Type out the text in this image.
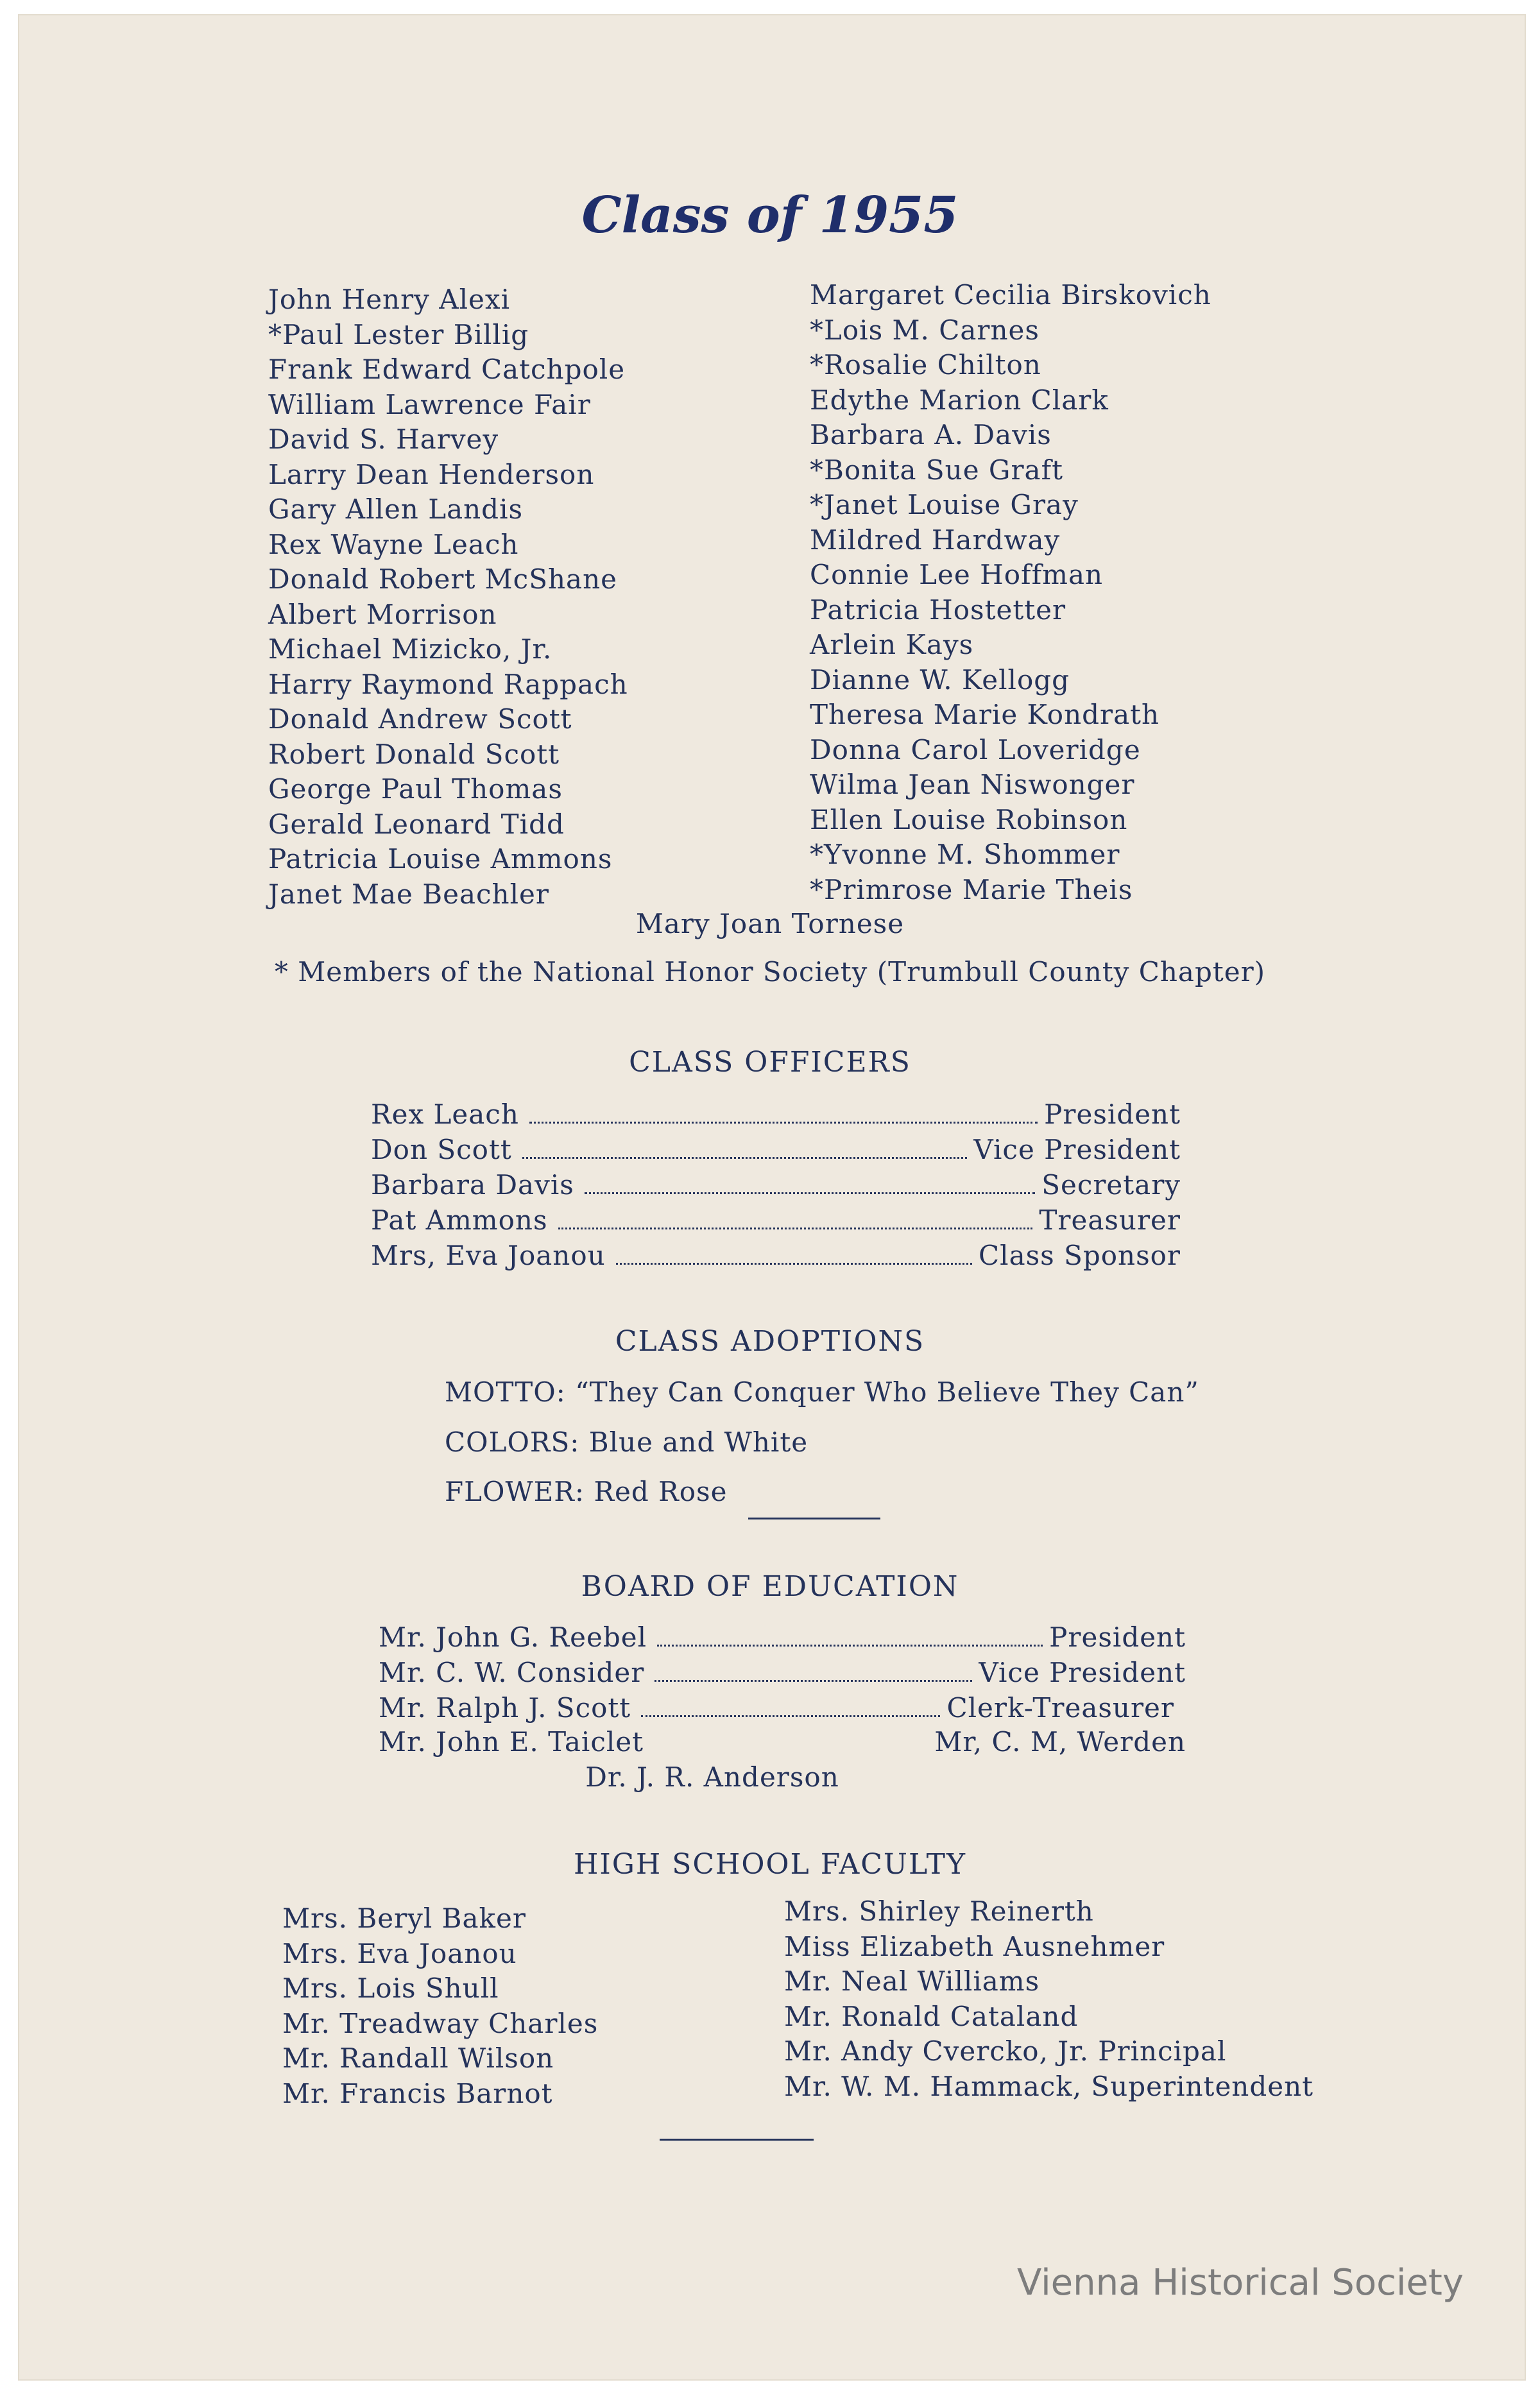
Class of 1955
John Henry Alexi
*Paul Lester Billig
Frank Edward Catchpole
William Lawrence Fair
David S. Harvey
Larry Dean Henderson
Gary Allen Landis
Rex Wayne Leach
Donald Robert McShane
Albert Morrison
Michael Mizicko, Jr.
Harry Raymond Rappach
Donald Andrew Scott
Robert Donald Scott
George Paul Thomas
Gerald Leonard Tidd
Patricia Louise Ammons
Janet Mae Beachler
Margaret Cecilia Birskovich
*Lois M. Carnes
*Rosalie Chilton
Edythe Marion Clark
Barbara A. Davis
*Bonita Sue Graft
*Janet Louise Gray
Mildred Hardway
Connie Lee Hoffman
Patricia Hostetter
Arlein Kays
Dianne W. Kellogg
Theresa Marie Kondrath
Donna Carol Loveridge
Wilma Jean Niswonger
Ellen Louise Robinson
*Yvonne M. Shommer
*Primrose Marie Theis
Mary Joan Tornese
* Members of the National Honor Society (Trumbull County Chapter)
CLASS OFFICERS
Rex Leach	President
Don Scott	Vice President
Barbara Davis	Secretary
Pat Ammons	Treasurer
Mrs, Eva Joanou	Class Sponsor
CLASS ADOPTIONS
MOTTO: “They Can Conquer Who Believe They Can”
COLORS: Blue and White
FLOWER: Red Rose
BOARD OF EDUCATION
Mr. John G. Reebel	President
Mr. C. W. Consider	Vice President
Mr. Ralph J. Scott	Clerk-Treasurer
Mr. John E. Taiclet	Mr, C. M, Werden
Dr. J. R. Anderson
HIGH SCHOOL FACULTY
Mrs. Beryl Baker
Mrs. Eva Joanou
Mrs. Lois Shull
Mr. Treadway Charles
Mr. Randall Wilson
Mr. Francis Barnot
Mrs. Shirley Reinerth
Miss Elizabeth Ausnehmer
Mr. Neal Williams
Mr. Ronald Cataland
Mr. Andy Cvercko, Jr. Principal
Mr. W. M. Hammack, Superintendent
Vienna Historical Society
